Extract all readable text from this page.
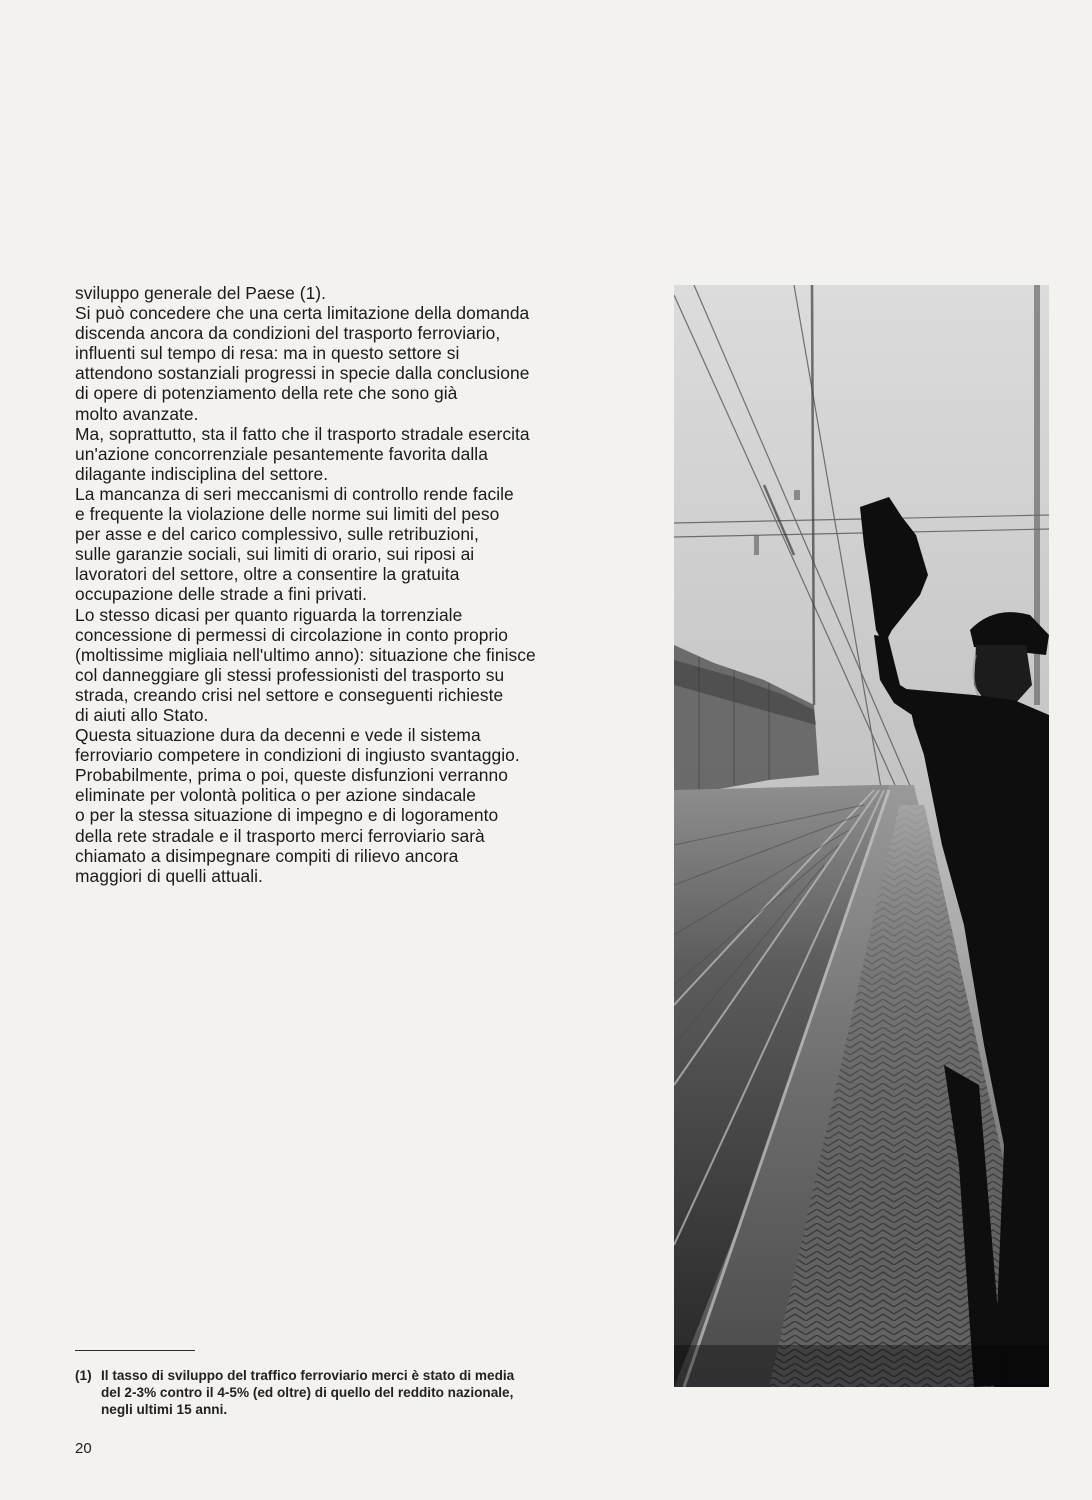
sviluppo generale del Paese (1).
Si può concedere che una certa limitazione della domanda
discenda ancora da condizioni del trasporto ferroviario,
influenti sul tempo di resa: ma in questo settore si
attendono sostanziali progressi in specie dalla conclusione
di opere di potenziamento della rete che sono già
molto avanzate.
Ma, soprattutto, sta il fatto che il trasporto stradale esercita
un'azione concorrenziale pesantemente favorita dalla
dilagante indisciplina del settore.
La mancanza di seri meccanismi di controllo rende facile
e frequente la violazione delle norme sui limiti del peso
per asse e del carico complessivo, sulle retribuzioni,
sulle garanzie sociali, sui limiti di orario, sui riposi ai
lavoratori del settore, oltre a consentire la gratuita
occupazione delle strade a fini privati.
Lo stesso dicasi per quanto riguarda la torrenziale
concessione di permessi di circolazione in conto proprio
(moltissime migliaia nell'ultimo anno): situazione che finisce
col danneggiare gli stessi professionisti del trasporto su
strada, creando crisi nel settore e conseguenti richieste
di aiuti allo Stato.
Questa situazione dura da decenni e vede il sistema
ferroviario competere in condizioni di ingiusto svantaggio.
Probabilmente, prima o poi, queste disfunzioni verranno
eliminate per volontà politica o per azione sindacale
o per la stessa situazione di impegno e di logoramento
della rete stradale e il trasporto merci ferroviario sarà
chiamato a disimpegnare compiti di rilievo ancora
maggiori di quelli attuali.
(1) Il tasso di sviluppo del traffico ferroviario merci è stato di media
del 2-3% contro il 4-5% (ed oltre) di quello del reddito nazionale,
negli ultimi 15 anni.
20
